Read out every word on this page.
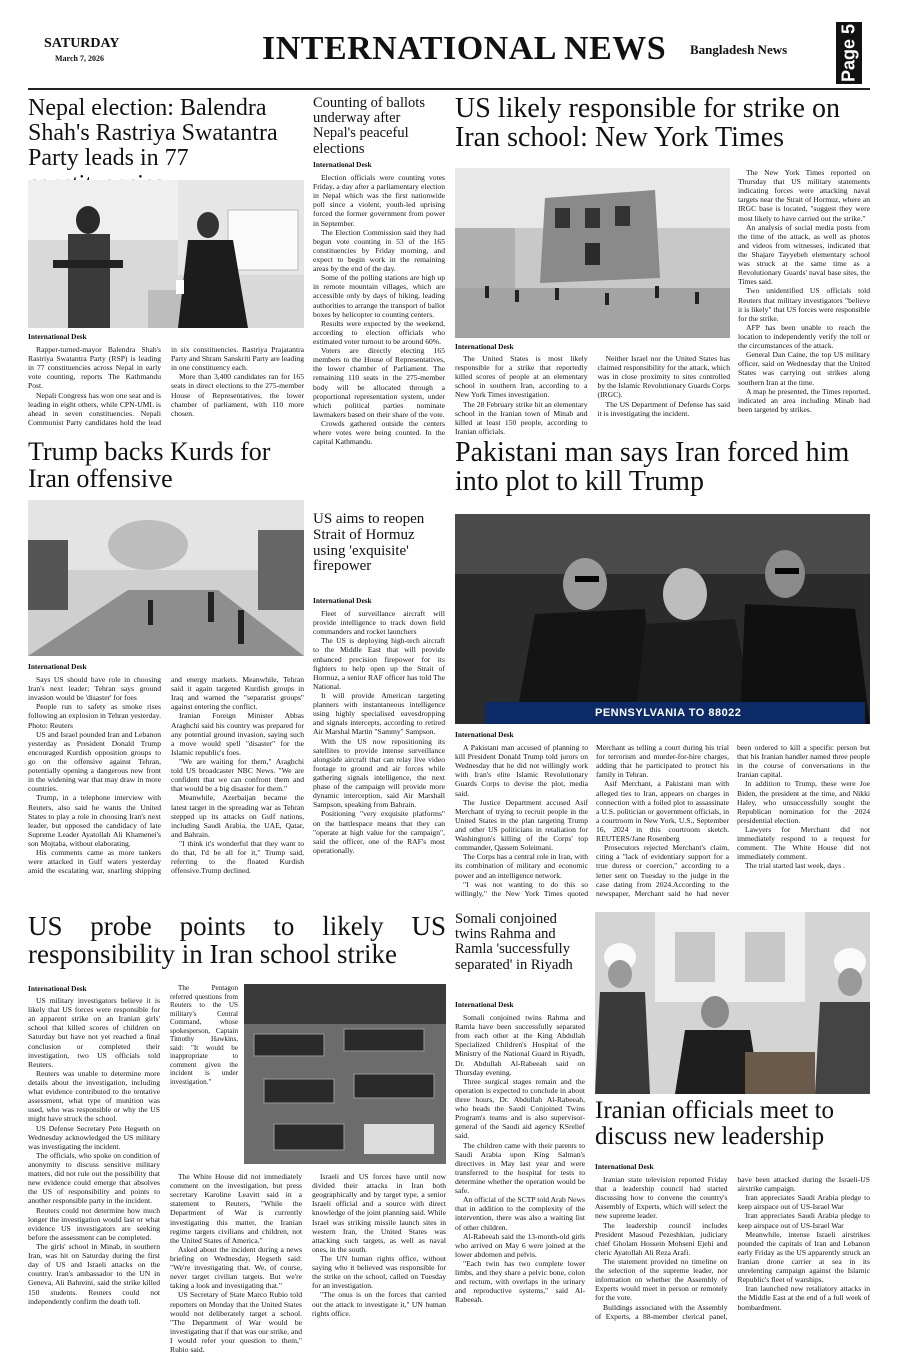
SATURDAY
March 7, 2026	INTERNATIONAL NEWS Bangladesh News	Page 5
Nepal election: Balendra Shah's Rastriya Swatantra Party leads in 77
International Desk

Rapper-turned-mayor Balendra Shah's Rastriya Swatantra Party (RSP) is leading in 77 constituencies across Nepal in early vote counting, reports The Kathmandu Post.

Nepali Congress has won one seat and is leading in eight others, while CPN-UML is ahead in seven constituencies. Nepali Communist Party candidates hold the lead in six constituencies. Rastriya Prajatantra Party and Shram Sanskriti Party are leading in one constituency each.

More than 3,400 candidates ran for 165 seats in direct elections to the 275-member House of Representatives, the lower chamber of parliament, with 110 more chosen.

Counting of ballots underway after Nepal's peaceful elections
International Desk

Election officials were counting votes Friday, a day after a parliamentary election in Nepal which was the first nationwide poll since a violent, youth-led uprising forced the former government from power in September.

The Election Commission said they had begun vote counting in 53 of the 165 constituencies by Friday morning, and expect to begin work in the remaining areas by the end of the day.

Some of the polling stations are high up in remote mountain villages, which are accessible only by days of hiking, leading authorities to arrange the transport of ballot boxes by helicopter to counting centers.

Results were expected by the weekend, according to election officials who estimated voter turnout to be around 60%.

Voters are directly electing 165 members to the House of Representatives, the lower chamber of Parliament. The remaining 110 seats in the 275-member body will be allocated through a proportional representation system, under which political parties nominate lawmakers based on their share of the vote.

Crowds gathered outside the centers where votes were being counted. In the capital Kathmandu.

US likely responsible for strike on Iran school: New York Times
International Desk

The United States is most likely responsible for a strike that reportedly killed scores of people at an elementary school in southern Iran, according to a New York Times investigation.

The 28 February strike hit an elementary school in the Iranian town of Minab and killed at least 150 people, according to Iranian officials.

Neither Israel nor the United States has claimed responsibility for the attack, which was in close proximity to sites controlled by the Islamic Revolutionary Guards Corps (IRGC).

The US Department of Defense has said it is investigating the incident.

The New York Times reported on Thursday that US military statements indicating forces were attacking naval targets near the Strait of Hormuz, where an IRGC base is located, "suggest they were most likely to have carried out the strike."

An analysis of social media posts from the time of the attack, as well as photos and videos from witnesses, indicated that the Shajare Tayyebeh elementary school was struck at the same time as a Revolutionary Guards' naval base sites, the Times said.

Two unidentified US officials told Reuters that military investigators "believe it is likely" that US forces were responsible for the strike.

AFP has been unable to reach the location to independently verify the toll or the circumstances of the attack.

General Dan Caine, the top US military officer, said on Wednesday that the United States was carrying out strikes along southern Iran at the time.

A map he presented, the Times reported, indicated an area including Minab had been targeted by strikes.

Trump backs Kurds for Iran offensive
International Desk

Says US should have role in choosing Iran's next leader; Tehran says ground invasion would be 'disaster' for foes

People run to safety as smoke rises following an explosion in Tehran yesterday. Photo: Reuters

US and Israel pounded Iran and Lebanon yesterday as President Donald Trump encouraged Kurdish opposition groups to go on the offensive against Tehran, potentially opening a dangerous new front in the widening war that may draw in more countries.

Trump, in a telephone interview with Reuters, also said he wants the United States to play a role in choosing Iran's next leader, but opposed the candidacy of late Supreme Leader Ayatollah Ali Khamenei's son Mojtaba, without elaborating.

His comments came as more tankers were attacked in Gulf waters yesterday amid the escalating war, snarling shipping and energy markets. Meanwhile, Tehran said it again targeted Kurdish groups in Iraq and warned the "separatist groups" against entering the conflict.

Iranian Foreign Minister Abbas Araghchi said his country was prepared for any potential ground invasion, saying such a move would spell "disaster" for the Islamic republic's foes.

"We are waiting for them," Araghchi told US broadcaster NBC News. "We are confident that we can confront them and that would be a big disaster for them."

Meanwhile, Azerbaijan became the latest target in the spreading war as Tehran stepped up its attacks on Gulf nations, including Saudi Arabia, the UAE, Qatar, and Bahrain.

"I think it's wonderful that they want to do that, I'd be all for it," Trump said, referring to the floated Kurdish offensive.Trump declined.

US aims to reopen Strait of Hormuz using 'exquisite' firepower
International Desk

Fleet of surveillance aircraft will provide intelligence to track down field commanders and rocket launchers

The US is deploying high-tech aircraft to the Middle East that will provide enhanced precision firepower for its fighters to help open up the Strait of Hormuz, a senior RAF officer has told The National.

It will provide American targeting planners with instantaneous intelligence using highly specialised eavesdropping and signals intercepts, according to retired Air Marshal Martin "Sammy" Sampson.

With the US now repositioning its satellites to provide intense surveillance alongside aircraft that can relay live video footage to ground and air forces while gathering signals intelligence, the next phase of the campaign will provide more dynamic interception, said Air Marshall Sampson, speaking from Bahrain.

Positioning "very exquisite platforms" on the battlespace means that they can "operate at high value for the campaign", said the officer, one of the RAF's most operationally.

Pakistani man says Iran forced him into plot to kill Trump
PENNSYLVANIA TO 88022
International Desk

A Pakistani man accused of planning to kill President Donald Trump told jurors on Wednesday that he did not willingly work with Iran's elite Islamic Revolutionary Guards Corps to devise the plot, media said.

The Justice Department accused Asif Merchant of trying to recruit people in the United States in the plan targeting Trump and other US politicians in retaliation for Washington's killing of the Corps' top commander, Qassem Soleimani.

The Corps has a central role in Iran, with its combination of military and economic power and an intelligence network.

"I was not wanting to do this so willingly," the New York Times quoted Merchant as telling a court during his trial for terrorism and murder-for-hire charges, adding that he participated to protect his family in Tehran.

Asif Merchant, a Pakistani man with alleged ties to Iran, appears on charges in connection with a foiled plot to assassinate a U.S. politician or government officials, in a courtroom in New York, U.S., September 16, 2024 in this courtroom sketch. REUTERS/Jane Rosenberg

Prosecutors rejected Merchant's claim, citing a "lack of evidentiary support for a true duress or coercion," according to a letter sent on Tuesday to the judge in the case dating from 2024.According to the newspaper, Merchant said he had never been ordered to kill a specific person but that his Iranian handler named three people in the course of conversations in the Iranian capital.

In addition to Trump, these were Joe Biden, the president at the time, and Nikki Haley, who unsuccessfully sought the Republican nomination for the 2024 presidential election.

Lawyers for Merchant did not immediately respond to a request for comment. The White House did not immediately comment.

The trial started last week, days .

US probe points to likely US responsibility in Iran school strike
International Desk

US military investigators believe it is likely that US forces were responsible for an apparent strike on an Iranian girls' school that killed scores of children on Saturday but have not yet reached a final conclusion or completed their investigation, two US officials told Reuters.

Reuters was unable to determine more details about the investigation, including what evidence contributed to the tentative assessment, what type of munition was used, who was responsible or why the US might have struck the school.

US Defense Secretary Pete Hegseth on Wednesday acknowledged the US military was investigating the incident.

The officials, who spoke on condition of anonymity to discuss sensitive military matters, did not rule out the possibility that new evidence could emerge that absolves the US of responsibility and points to another responsible party in the incident.

Reuters could not determine how much longer the investigation would last or what evidence US investigators are seeking before the assessment can be completed.

The girls' school in Minab, in southern Iran, was hit on Saturday during the first day of US and Israeli attacks on the country. Iran's ambassador to the UN in Geneva, Ali Bahreini, said the strike killed 150 students. Reuters could not independently confirm the death toll.

The Pentagon referred questions from Reuters to the US military's Central Command, whose spokesperson, Captain Timothy Hawkins, said: "It would be inappropriate to comment given the incident is under investigation."

The White House did not immediately comment on the investigation, but press secretary Karoline Leavitt said in a statement to Reuters, "While the Department of War is currently investigating this matter, the Iranian regime targets civilians and children, not the United States of America."

Asked about the incident during a news briefing on Wednesday, Hegseth said: "We're investigating that. We, of course, never target civilian targets. But we're taking a look and investigating that."

US Secretary of State Marco Rubio told reporters on Monday that the United States would not deliberately target a school. "The Department of War would be investigating that if that was our strike, and I would refer your question to them," Rubio said.

Israeli and US forces have until now divided their attacks in Iran both geographically and by target type, a senior Israeli official and a source with direct knowledge of the joint planning said. While Israel was striking missile launch sites in western Iran, the United States was attacking such targets, as well as naval ones, in the south.

The UN human rights office, without saying who it believed was responsible for the strike on the school, called on Tuesday for an investigation.

"The onus is on the forces that carried out the attack to investigate it," UN human rights office.

Somali conjoined twins Rahma and Ramla 'successfully separated' in Riyadh
International Desk

Somali conjoined twins Rahma and Ramla have been successfully separated from each other at the King Abdullah Specialized Children's Hospital of the Ministry of the National Guard in Riyadh, Dr. Abdullah Al-Rabeeah said on Thursday evening.

Three surgical stages remain and the operation is expected to conclude in about three hours, Dr. Abdullah Al-Rabeeah, who heads the Saudi Conjoined Twins Program's teams and is also supervisor-general of the Saudi aid agency KSrelief said.

The children came with their parents to Saudi Arabia upon King Salman's directives in May last year and were transferred to the hospital for tests to determine whether the operation would be safe.

An official of the SCTP told Arab News that in addition to the complexity of the intervention, there was also a waiting list of other children.

Al-Rabeeah said the 13-month-old girls who arrived on May 6 were joined at the lower abdomen and pelvis.

"Each twin has two complete lower limbs, and they share a pelvic bone, colon and rectum, with overlaps in the urinary and reproductive systems," said Al-Rabeeah.

Iranian officials meet to discuss new leadership
International Desk

Iranian state television reported Friday that a leadership council had started discussing how to convene the country's Assembly of Experts, which will select the new supreme leader.

The leadership council includes President Masoud Pezeshkian, judiciary chief Gholam Hossein Mohseni Ejehi and cleric Ayatollah Ali Reza Arafi.

The statement provided no timeline on the selection of the supreme leader, nor information on whether the Assembly of Experts would meet in person or remotely for the vote.

Buildings associated with the Assembly of Experts, a 88-member clerical panel, have been attacked during the Israeli-US airstrike campaign.

Iran appreciates Saudi Arabia pledge to keep airspace out of US-Israel War

Iran appreciates Saudi Arabia pledge to keep airspace out of US-Israel War

Meanwhile, intense Israeli airstrikes pounded the capitals of Iran and Lebanon early Friday as the US apparently struck an Iranian drone carrier at sea in its unrelenting campaign against the Islamic Republic's fleet of warships.

Iran launched new retaliatory attacks in the Middle East at the end of a full week of bombardment.
